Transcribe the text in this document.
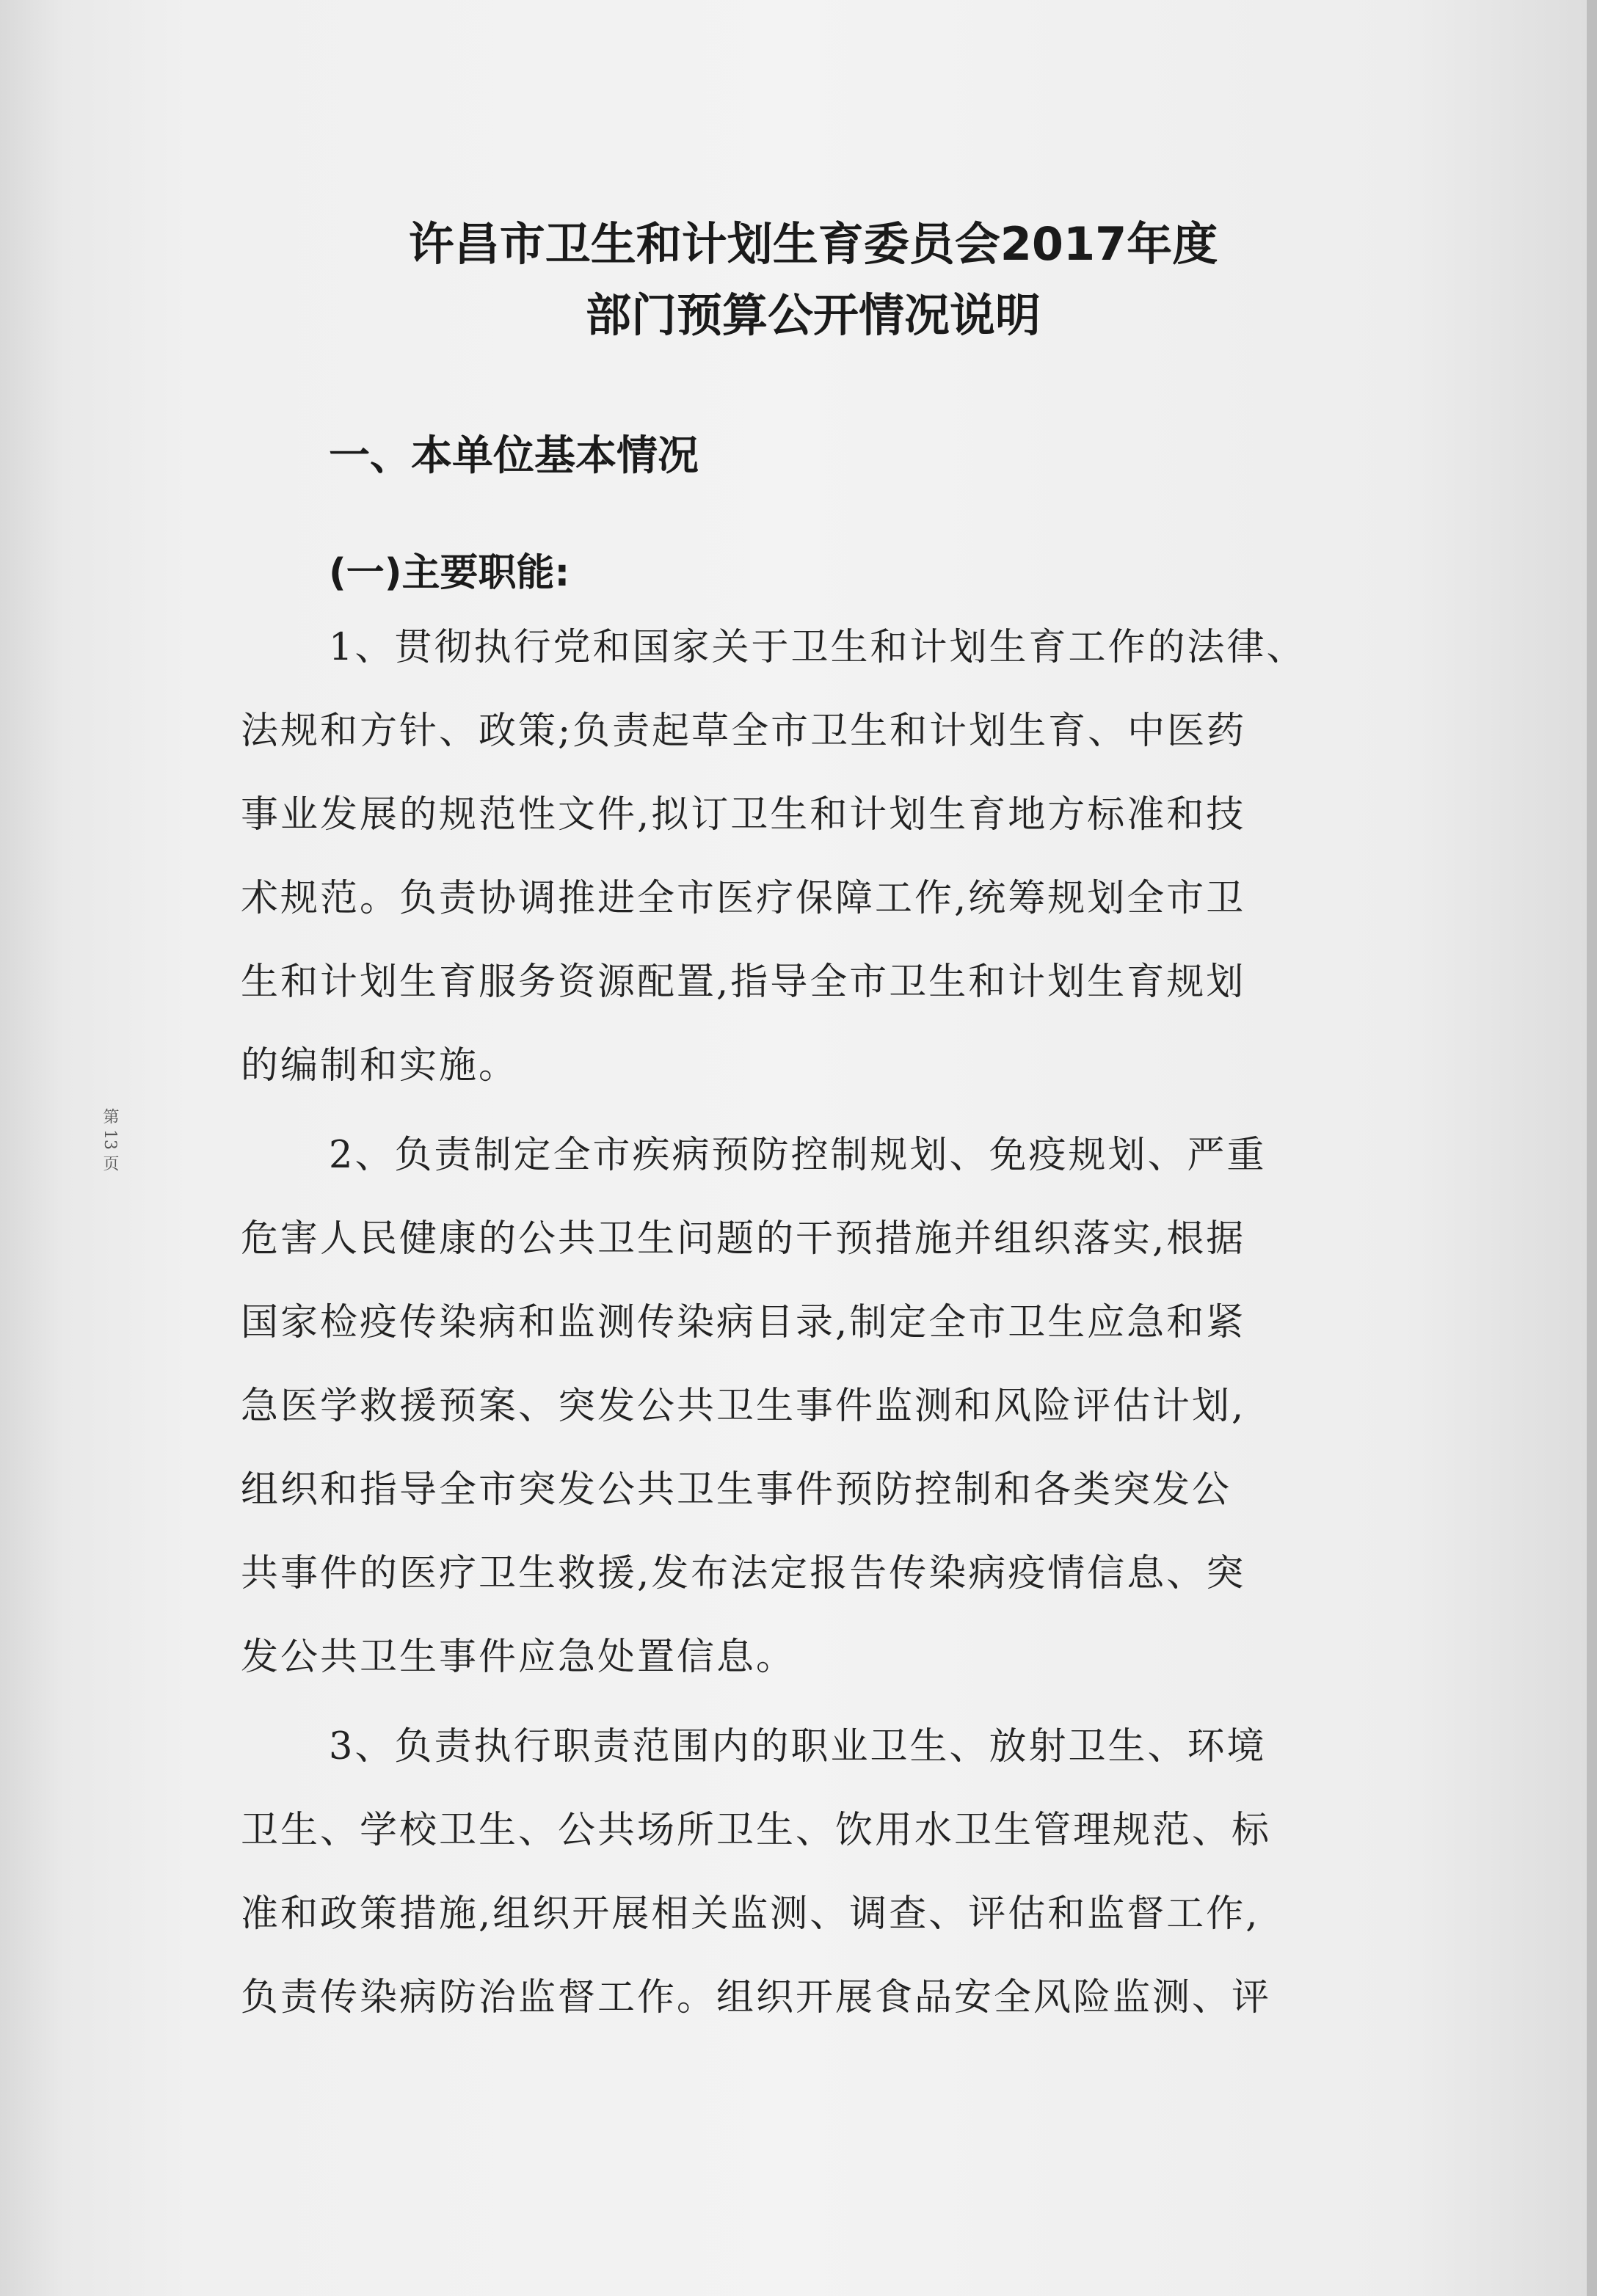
许昌市卫生和计划生育委员会2017年度
部门预算公开情况说明
一、本单位基本情况
(一)主要职能:
1、贯彻执行党和国家关于卫生和计划生育工作的法律、
法规和方针、政策;负责起草全市卫生和计划生育、中医药
事业发展的规范性文件,拟订卫生和计划生育地方标准和技
术规范。负责协调推进全市医疗保障工作,统筹规划全市卫
生和计划生育服务资源配置,指导全市卫生和计划生育规划
的编制和实施。
2、负责制定全市疾病预防控制规划、免疫规划、严重
危害人民健康的公共卫生问题的干预措施并组织落实,根据
国家检疫传染病和监测传染病目录,制定全市卫生应急和紧
急医学救援预案、突发公共卫生事件监测和风险评估计划,
组织和指导全市突发公共卫生事件预防控制和各类突发公
共事件的医疗卫生救援,发布法定报告传染病疫情信息、突
发公共卫生事件应急处置信息。
3、负责执行职责范围内的职业卫生、放射卫生、环境
卫生、学校卫生、公共场所卫生、饮用水卫生管理规范、标
准和政策措施,组织开展相关监测、调查、评估和监督工作,
负责传染病防治监督工作。组织开展食品安全风险监测、评
第 13 页
